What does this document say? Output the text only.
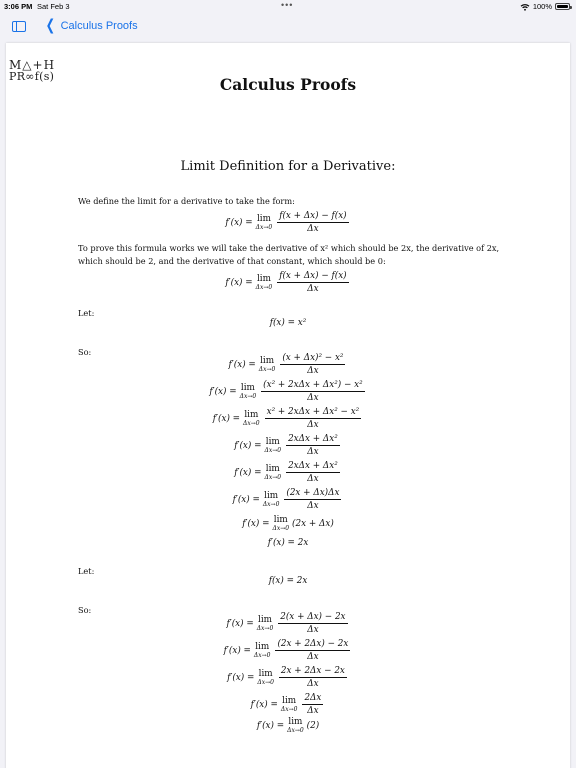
3:06 PM Sat Feb 3	•••	100%
❮ Calculus Proofs
M△+H
PR∞f(s)	Calculus Proofs
Limit Definition for a Derivative:
We define the limit for a derivative to take the form:
f′(x) = lim
$\Delta x\to 0 \frac{f(x + \Delta x) - f(x)}{\Delta x}$
To prove this formula works we will take the derivative of x² which should be 2x, the derivative of 2x, which should be 2, and the derivative of that constant, which should be 0:
f′(x) = lim
$\Delta x\to 0 \frac{f(x + \Delta x) - f(x)}{\Delta x}$
Let:
f(x) = x²
So:
f′(x) = lim
$\Delta x\to 0 \frac{\text{(x + Δx)² − x²}}{\Delta x}$
f′(x) = lim
$\Delta x\to 0 \frac{\text{(x² + 2xΔx + Δx²) − x²}}{\Delta x}$
f′(x) = lim
$\Delta x\to 0 \frac{\text{x² + 2xΔx + Δx² − x²}}{\Delta x}$
f′(x) = lim
$\Delta x\to 0 \frac{\text{2xΔx + Δx²}}{\Delta x}$
f′(x) = lim
$\Delta x\to 0 \frac{\text{2xΔx + Δx²}}{\Delta x}$
f′(x) = lim
$\Delta x\to 0 \frac{(2x + \Delta x)\Delta x}{\Delta x}$
f′(x) = lim
Δx→0 (2x + Δx)
f′(x) = 2x
Let:
f(x) = 2x
So:
f′(x) = lim
$\Delta x\to 0 \frac{2(x + \Delta x) - 2x}{\Delta x}$
f′(x) = lim
$\Delta x\to 0 \frac{(2x + 2\Delta x) - 2x}{\Delta x}$
f′(x) = lim
$\Delta x\to 0 \frac{2x + 2\Delta x - 2x}{\Delta x}$
f′(x) = lim
$\Delta x\to 0 \frac{2\Delta x}{\Delta x}$
f′(x) = lim
Δx→0 (2)
